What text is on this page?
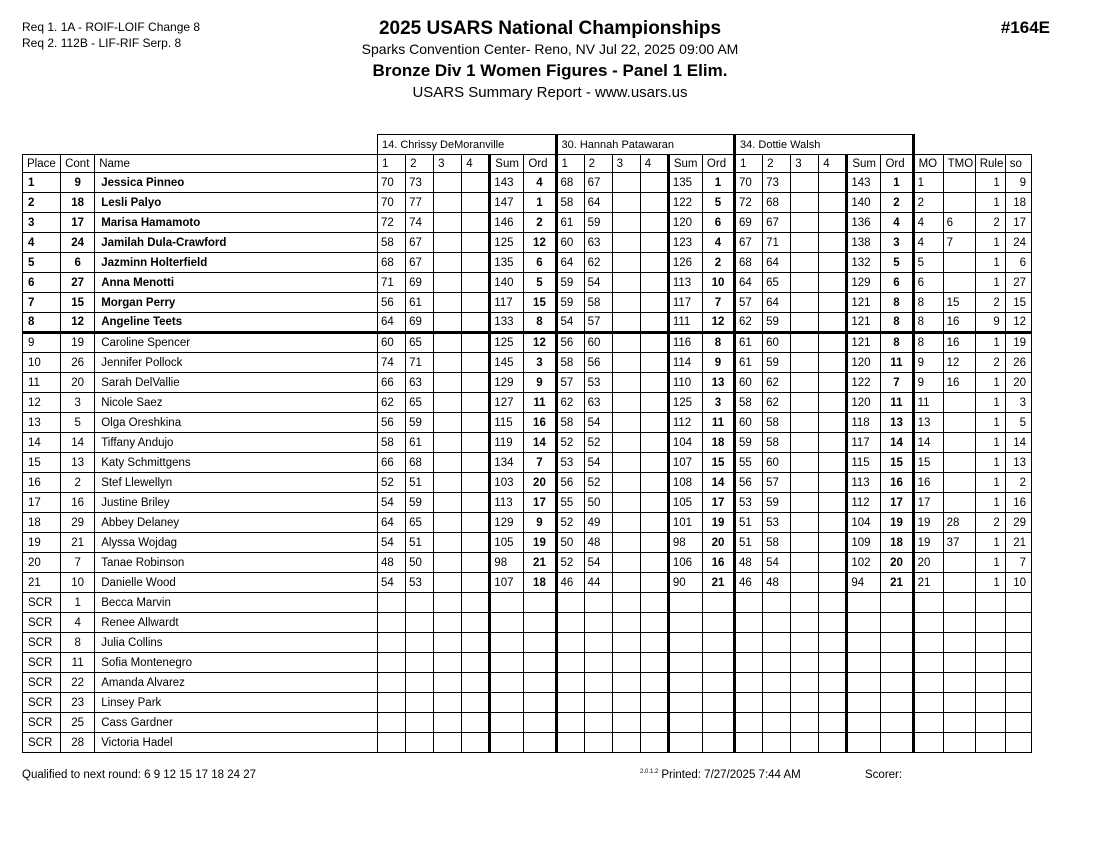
Req 1. 1A - ROIF-LOIF Change 8
Req 2. 112B - LIF-RIF Serp. 8
#164E
2025 USARS National Championships
Sparks Convention Center- Reno, NV Jul 22, 2025 09:00 AM
Bronze Div 1 Women Figures - Panel 1 Elim.
USARS Summary Report - www.usars.us
			14. Chrissy DeMoranville						30. Hannah Patawaran						34. Dottie Walsh									
Place	Cont	Name	1	2	3	4	Sum	Ord	1	2	3	4	Sum	Ord	1	2	3	4	Sum	Ord	MO	TMO	Rule	so
1	9	Jessica Pinneo	70	73			143	4	68	67			135	1	70	73			143	1	1		1	9
2	18	Lesli Palyo	70	77			147	1	58	64			122	5	72	68			140	2	2		1	18
3	17	Marisa Hamamoto	72	74			146	2	61	59			120	6	69	67			136	4	4	6	2	17
4	24	Jamilah Dula-Crawford	58	67			125	12	60	63			123	4	67	71			138	3	4	7	1	24
5	6	Jazminn Holterfield	68	67			135	6	64	62			126	2	68	64			132	5	5		1	6
6	27	Anna Menotti	71	69			140	5	59	54			113	10	64	65			129	6	6		1	27
7	15	Morgan Perry	56	61			117	15	59	58			117	7	57	64			121	8	8	15	2	15
8	12	Angeline Teets	64	69			133	8	54	57			111	12	62	59			121	8	8	16	9	12
9	19	Caroline Spencer	60	65			125	12	56	60			116	8	61	60			121	8	8	16	1	19
10	26	Jennifer Pollock	74	71			145	3	58	56			114	9	61	59			120	11	9	12	2	26
11	20	Sarah DelVallie	66	63			129	9	57	53			110	13	60	62			122	7	9	16	1	20
12	3	Nicole Saez	62	65			127	11	62	63			125	3	58	62			120	11	11		1	3
13	5	Olga Oreshkina	56	59			115	16	58	54			112	11	60	58			118	13	13		1	5
14	14	Tiffany Andujo	58	61			119	14	52	52			104	18	59	58			117	14	14		1	14
15	13	Katy Schmittgens	66	68			134	7	53	54			107	15	55	60			115	15	15		1	13
16	2	Stef Llewellyn	52	51			103	20	56	52			108	14	56	57			113	16	16		1	2
17	16	Justine Briley	54	59			113	17	55	50			105	17	53	59			112	17	17		1	16
18	29	Abbey Delaney	64	65			129	9	52	49			101	19	51	53			104	19	19	28	2	29
19	21	Alyssa Wojdag	54	51			105	19	50	48			98	20	51	58			109	18	19	37	1	21
20	7	Tanae Robinson	48	50			98	21	52	54			106	16	48	54			102	20	20		1	7
21	10	Danielle Wood	54	53			107	18	46	44			90	21	46	48			94	21	21		1	10
SCR	1	Becca Marvin																						
SCR	4	Renee Allwardt																						
SCR	8	Julia Collins																						
SCR	11	Sofia Montenegro																						
SCR	22	Amanda Alvarez																						
SCR	23	Linsey Park																						
SCR	25	Cass Gardner																						
SCR	28	Victoria Hadel																						
Qualified to next round: 6 9 12 15 17 18 24 27	$^{2.0.1.2}$ Printed: 7/27/2025 7:44 AM	Scorer:
